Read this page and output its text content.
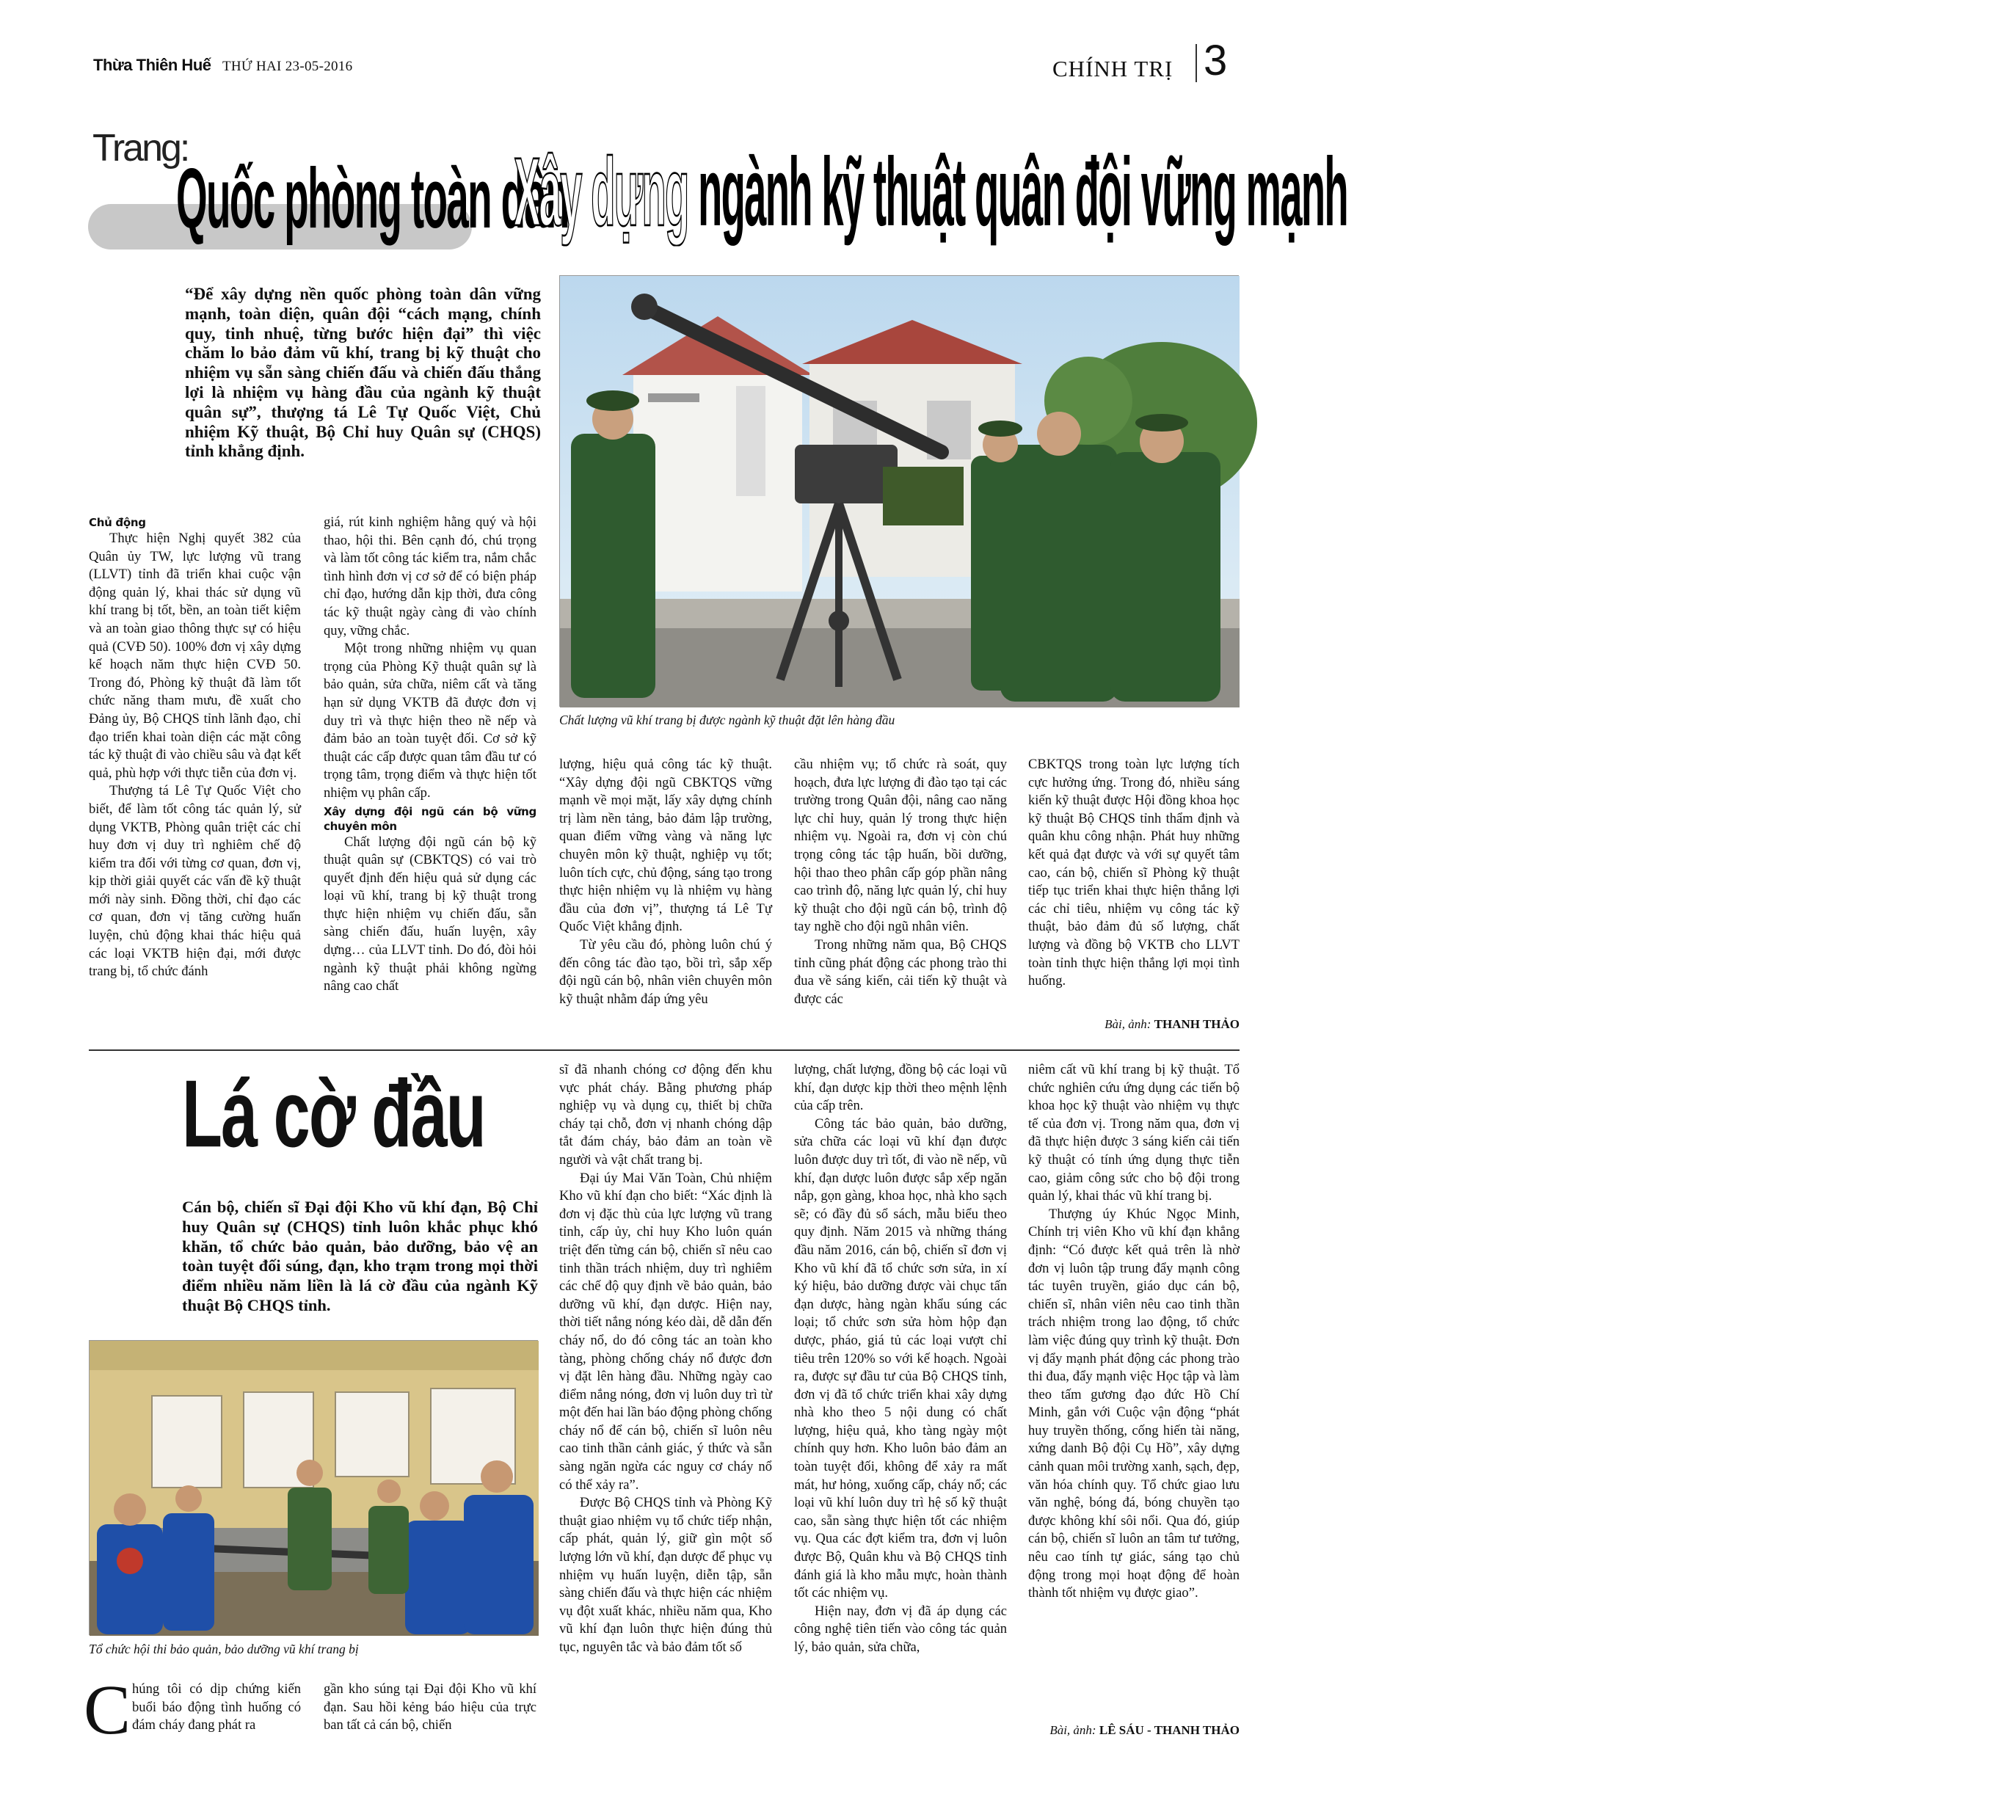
Thừa Thiên Huế THỨ HAI 23-05-2016	CHÍNH TRỊ 3
Trang:
Quốc phòng toàn dân
Xây dựng ngành kỹ thuật quân đội vững mạnh
“Để xây dựng nền quốc phòng toàn dân vững mạnh, toàn diện, quân đội “cách mạng, chính quy, tinh nhuệ, từng bước hiện đại” thì việc chăm lo bảo đảm vũ khí, trang bị kỹ thuật cho nhiệm vụ sẵn sàng chiến đấu và chiến đấu thắng lợi là nhiệm vụ hàng đầu của ngành kỹ thuật quân sự”, thượng tá Lê Tự Quốc Việt, Chủ nhiệm Kỹ thuật, Bộ Chỉ huy Quân sự (CHQS) tỉnh khẳng định.
Chất lượng vũ khí trang bị được ngành kỹ thuật đặt lên hàng đầu

Chủ động

Thực hiện Nghị quyết 382 của Quân ủy TW, lực lượng vũ trang (LLVT) tỉnh đã triển khai cuộc vận động quản lý, khai thác sử dụng vũ khí trang bị tốt, bền, an toàn tiết kiệm và an toàn giao thông thực sự có hiệu quả (CVĐ 50). 100% đơn vị xây dựng kế hoạch năm thực hiện CVĐ 50. Trong đó, Phòng kỹ thuật đã làm tốt chức năng tham mưu, đề xuất cho Đảng ủy, Bộ CHQS tỉnh lãnh đạo, chỉ đạo triển khai toàn diện các mặt công tác kỹ thuật đi vào chiều sâu và đạt kết quả, phù hợp với thực tiễn của đơn vị.

Thượng tá Lê Tự Quốc Việt cho biết, để làm tốt công tác quản lý, sử dụng VKTB, Phòng quân triệt các chỉ huy đơn vị duy trì nghiêm chế độ kiểm tra đối với từng cơ quan, đơn vị, kịp thời giải quyết các vấn đề kỹ thuật mới này sinh. Đồng thời, chỉ đạo các cơ quan, đơn vị tăng cường huấn luyện, chủ động khai thác hiệu quả các loại VKTB hiện đại, mới được trang bị, tổ chức đánh

giá, rút kinh nghiệm hằng quý và hội thao, hội thi. Bên cạnh đó, chú trọng và làm tốt công tác kiểm tra, nắm chắc tình hình đơn vị cơ sở để có biện pháp chỉ đạo, hướng dẫn kịp thời, đưa công tác kỹ thuật ngày càng đi vào chính quy, vững chắc.

Một trong những nhiệm vụ quan trọng của Phòng Kỹ thuật quân sự là bảo quản, sửa chữa, niêm cất và tăng hạn sử dụng VKTB đã được đơn vị duy trì và thực hiện theo nề nếp và đảm bảo an toàn tuyệt đối. Cơ sở kỹ thuật các cấp được quan tâm đầu tư có trọng tâm, trọng điểm và thực hiện tốt nhiệm vụ phân cấp.

Xây dựng đội ngũ cán bộ vững chuyên môn

Chất lượng đội ngũ cán bộ kỹ thuật quân sự (CBKTQS) có vai trò quyết định đến hiệu quả sử dụng các loại vũ khí, trang bị kỹ thuật trong thực hiện nhiệm vụ chiến đấu, sẵn sàng chiến đấu, huấn luyện, xây dựng… của LLVT tỉnh. Do đó, đòi hỏi ngành kỹ thuật phải không ngừng nâng cao chất

lượng, hiệu quả công tác kỹ thuật. “Xây dựng đội ngũ CBKTQS vững mạnh về mọi mặt, lấy xây dựng chính trị làm nền tảng, bảo đảm lập trường, quan điểm vững vàng và năng lực chuyên môn kỹ thuật, nghiệp vụ tốt; luôn tích cực, chủ động, sáng tạo trong thực hiện nhiệm vụ là nhiệm vụ hàng đầu của đơn vị”, thượng tá Lê Tự Quốc Việt khẳng định.

Từ yêu cầu đó, phòng luôn chú ý đến công tác đào tạo, bồi trì, sắp xếp đội ngũ cán bộ, nhân viên chuyên môn kỹ thuật nhằm đáp ứng yêu

cầu nhiệm vụ; tổ chức rà soát, quy hoạch, đưa lực lượng đi đào tạo tại các trường trong Quân đội, nâng cao năng lực chỉ huy, quản lý trong thực hiện nhiệm vụ. Ngoài ra, đơn vị còn chú trọng công tác tập huấn, bồi dưỡng, hội thao theo phân cấp góp phần nâng cao trình độ, năng lực quản lý, chỉ huy kỹ thuật cho đội ngũ cán bộ, trình độ tay nghề cho đội ngũ nhân viên.

Trong những năm qua, Bộ CHQS tỉnh cũng phát động các phong trào thi đua về sáng kiến, cải tiến kỹ thuật và được các

CBKTQS trong toàn lực lượng tích cực hưởng ứng. Trong đó, nhiều sáng kiến kỹ thuật được Hội đồng khoa học kỹ thuật Bộ CHQS tỉnh thẩm định và quân khu công nhận. Phát huy những kết quả đạt được và với sự quyết tâm cao, cán bộ, chiến sĩ Phòng kỹ thuật tiếp tục triển khai thực hiện thắng lợi các chỉ tiêu, nhiệm vụ công tác kỹ thuật, bảo đảm đủ số lượng, chất lượng và đồng bộ VKTB cho LLVT toàn tỉnh thực hiện thắng lợi mọi tình huống.

Bài, ảnh: THANH THẢO
Lá cờ đầu
Cán bộ, chiến sĩ Đại đội Kho vũ khí đạn, Bộ Chỉ huy Quân sự (CHQS) tỉnh luôn khắc phục khó khăn, tổ chức bảo quản, bảo dưỡng, bảo vệ an toàn tuyệt đối súng, đạn, kho trạm trong mọi thời điểm nhiều năm liền là lá cờ đầu của ngành Kỹ thuật Bộ CHQS tỉnh.
Tổ chức hội thi bảo quản, bảo dưỡng vũ khí trang bị
C húng tôi có dịp chứng kiến buổi báo động tình huống có đám cháy đang phát ra

gần kho súng tại Đại đội Kho vũ khí đạn. Sau hồi kẻng báo hiệu của trực ban tất cả cán bộ, chiến

sĩ đã nhanh chóng cơ động đến khu vực phát cháy. Bằng phương pháp nghiệp vụ và dụng cụ, thiết bị chữa cháy tại chỗ, đơn vị nhanh chóng dập tắt đám cháy, bảo đảm an toàn về người và vật chất trang bị.

Đại úy Mai Văn Toàn, Chủ nhiệm Kho vũ khí đạn cho biết: “Xác định là đơn vị đặc thù của lực lượng vũ trang tỉnh, cấp ủy, chỉ huy Kho luôn quán triệt đến từng cán bộ, chiến sĩ nêu cao tinh thần trách nhiệm, duy trì nghiêm các chế độ quy định về bảo quản, bảo dưỡng vũ khí, đạn dược. Hiện nay, thời tiết nắng nóng kéo dài, dễ dẫn đến cháy nổ, do đó công tác an toàn kho tàng, phòng chống cháy nổ được đơn vị đặt lên hàng đầu. Những ngày cao điểm nắng nóng, đơn vị luôn duy trì từ một đến hai lần báo động phòng chống cháy nổ để cán bộ, chiến sĩ luôn nêu cao tinh thần cảnh giác, ý thức và sẵn sàng ngăn ngừa các nguy cơ cháy nổ có thể xảy ra”.

Được Bộ CHQS tỉnh và Phòng Kỹ thuật giao nhiệm vụ tổ chức tiếp nhận, cấp phát, quản lý, giữ gìn một số lượng lớn vũ khí, đạn dược để phục vụ nhiệm vụ huấn luyện, diễn tập, sẵn sàng chiến đấu và thực hiện các nhiệm vụ đột xuất khác, nhiều năm qua, Kho vũ khí đạn luôn thực hiện đúng thủ tục, nguyên tắc và bảo đảm tốt số

lượng, chất lượng, đồng bộ các loại vũ khí, đạn dược kịp thời theo mệnh lệnh của cấp trên.

Công tác bảo quản, bảo dưỡng, sửa chữa các loại vũ khí đạn được luôn được duy trì tốt, đi vào nề nếp, vũ khí, đạn dược luôn được sắp xếp ngăn nắp, gọn gàng, khoa học, nhà kho sạch sẽ; có đầy đủ sổ sách, mẫu biểu theo quy định. Năm 2015 và những tháng đầu năm 2016, cán bộ, chiến sĩ đơn vị Kho vũ khí đã tổ chức sơn sửa, in xí ký hiệu, bảo dưỡng được vài chục tấn đạn dược, hàng ngàn khẩu súng các loại; tổ chức sơn sửa hòm hộp đạn dược, pháo, giá tủ các loại vượt chỉ tiêu trên 120% so với kế hoạch. Ngoài ra, được sự đầu tư của Bộ CHQS tỉnh, đơn vị đã tổ chức triển khai xây dựng nhà kho theo 5 nội dung có chất lượng, hiệu quả, kho tàng ngày một chính quy hơn. Kho luôn bảo đảm an toàn tuyệt đối, không để xảy ra mất mát, hư hỏng, xuống cấp, cháy nổ; các loại vũ khí luôn duy trì hệ số kỹ thuật cao, sẵn sàng thực hiện tốt các nhiệm vụ. Qua các đợt kiểm tra, đơn vị luôn được Bộ, Quân khu và Bộ CHQS tỉnh đánh giá là kho mẫu mực, hoàn thành tốt các nhiệm vụ.

Hiện nay, đơn vị đã áp dụng các công nghệ tiên tiến vào công tác quản lý, bảo quản, sửa chữa,

niêm cất vũ khí trang bị kỹ thuật. Tổ chức nghiên cứu ứng dụng các tiến bộ khoa học kỹ thuật vào nhiệm vụ thực tế của đơn vị. Trong năm qua, đơn vị đã thực hiện được 3 sáng kiến cải tiến kỹ thuật có tính ứng dụng thực tiễn cao, giảm công sức cho bộ đội trong quản lý, khai thác vũ khí trang bị.

Thượng úy Khúc Ngọc Minh, Chính trị viên Kho vũ khí đạn khẳng định: “Có được kết quả trên là nhờ đơn vị luôn tập trung đẩy mạnh công tác tuyên truyền, giáo dục cán bộ, chiến sĩ, nhân viên nêu cao tinh thần trách nhiệm trong lao động, tổ chức làm việc đúng quy trình kỹ thuật. Đơn vị đẩy mạnh phát động các phong trào thi đua, đẩy mạnh việc Học tập và làm theo tấm gương đạo đức Hồ Chí Minh, gắn với Cuộc vận động “phát huy truyền thống, cống hiến tài năng, xứng danh Bộ đội Cụ Hồ”, xây dựng cảnh quan môi trường xanh, sạch, đẹp, văn hóa chính quy. Tổ chức giao lưu văn nghệ, bóng đá, bóng chuyền tạo được không khí sôi nổi. Qua đó, giúp cán bộ, chiến sĩ luôn an tâm tư tưởng, nêu cao tính tự giác, sáng tạo chủ động trong mọi hoạt động để hoàn thành tốt nhiệm vụ được giao”.

Bài, ảnh: LÊ SÁU - THANH THẢO
